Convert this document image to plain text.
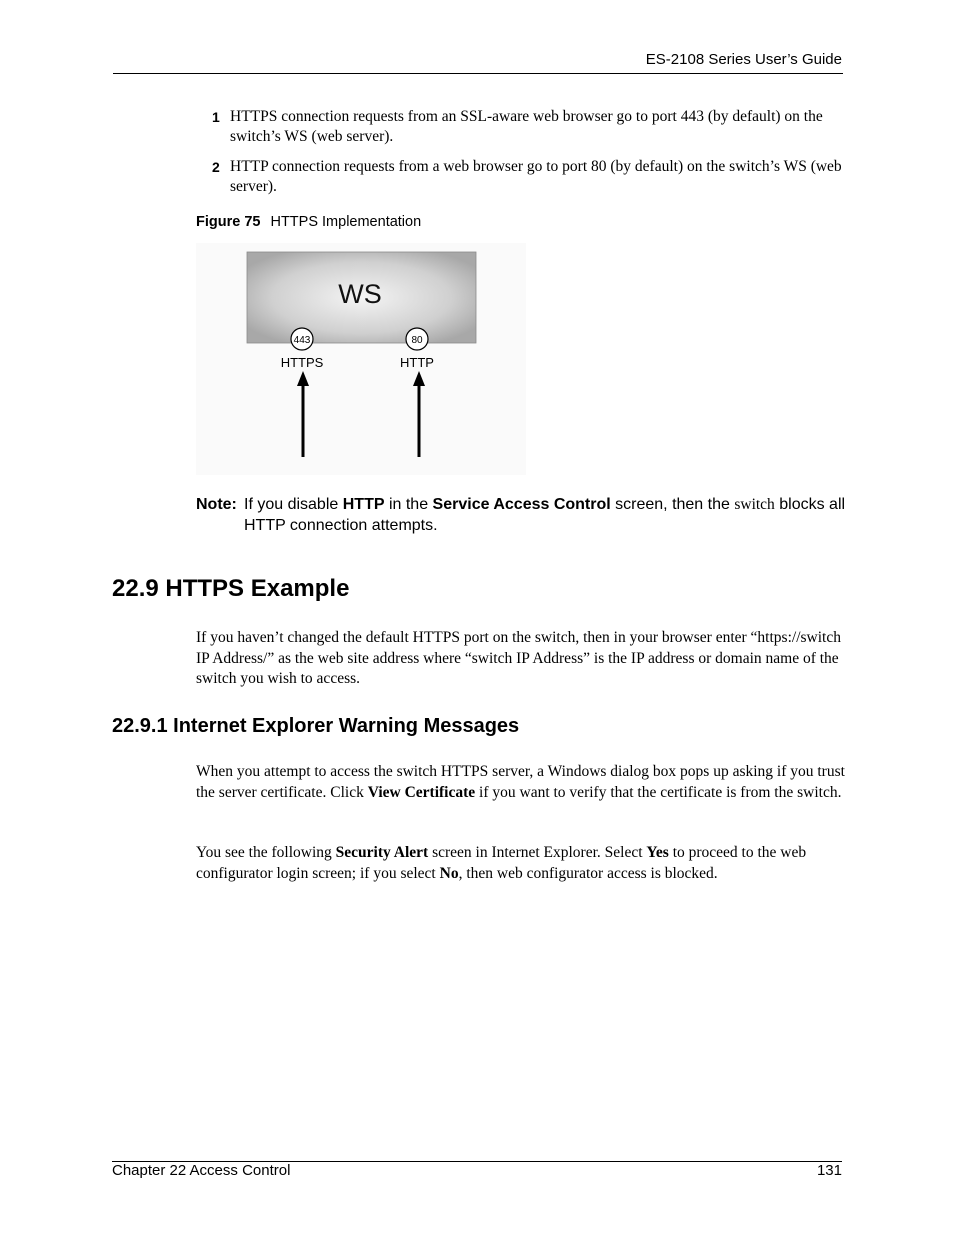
ES-2108 Series User’s Guide
1 HTTPS connection requests from an SSL-aware web browser go to port 443 (by default) on the switch’s WS (web server).
2 HTTP connection requests from a web browser go to port 80 (by default) on the switch’s WS (web server).
Figure 75 HTTPS Implementation
WS
443	80
HTTPS	HTTP
Note: If you disable HTTP in the Service Access Control screen, then the switch blocks all HTTP connection attempts.
22.9 HTTPS Example

If you haven’t changed the default HTTPS port on the switch, then in your browser enter “https://switch IP Address/” as the web site address where “switch IP Address” is the IP address or domain name of the switch you wish to access.

22.9.1 Internet Explorer Warning Messages

When you attempt to access the switch HTTPS server, a Windows dialog box pops up asking if you trust the server certificate. Click View Certificate if you want to verify that the certificate is from the switch.

You see the following Security Alert screen in Internet Explorer. Select Yes to proceed to the web configurator login screen; if you select No, then web configurator access is blocked.

Chapter 22 Access Control	131
